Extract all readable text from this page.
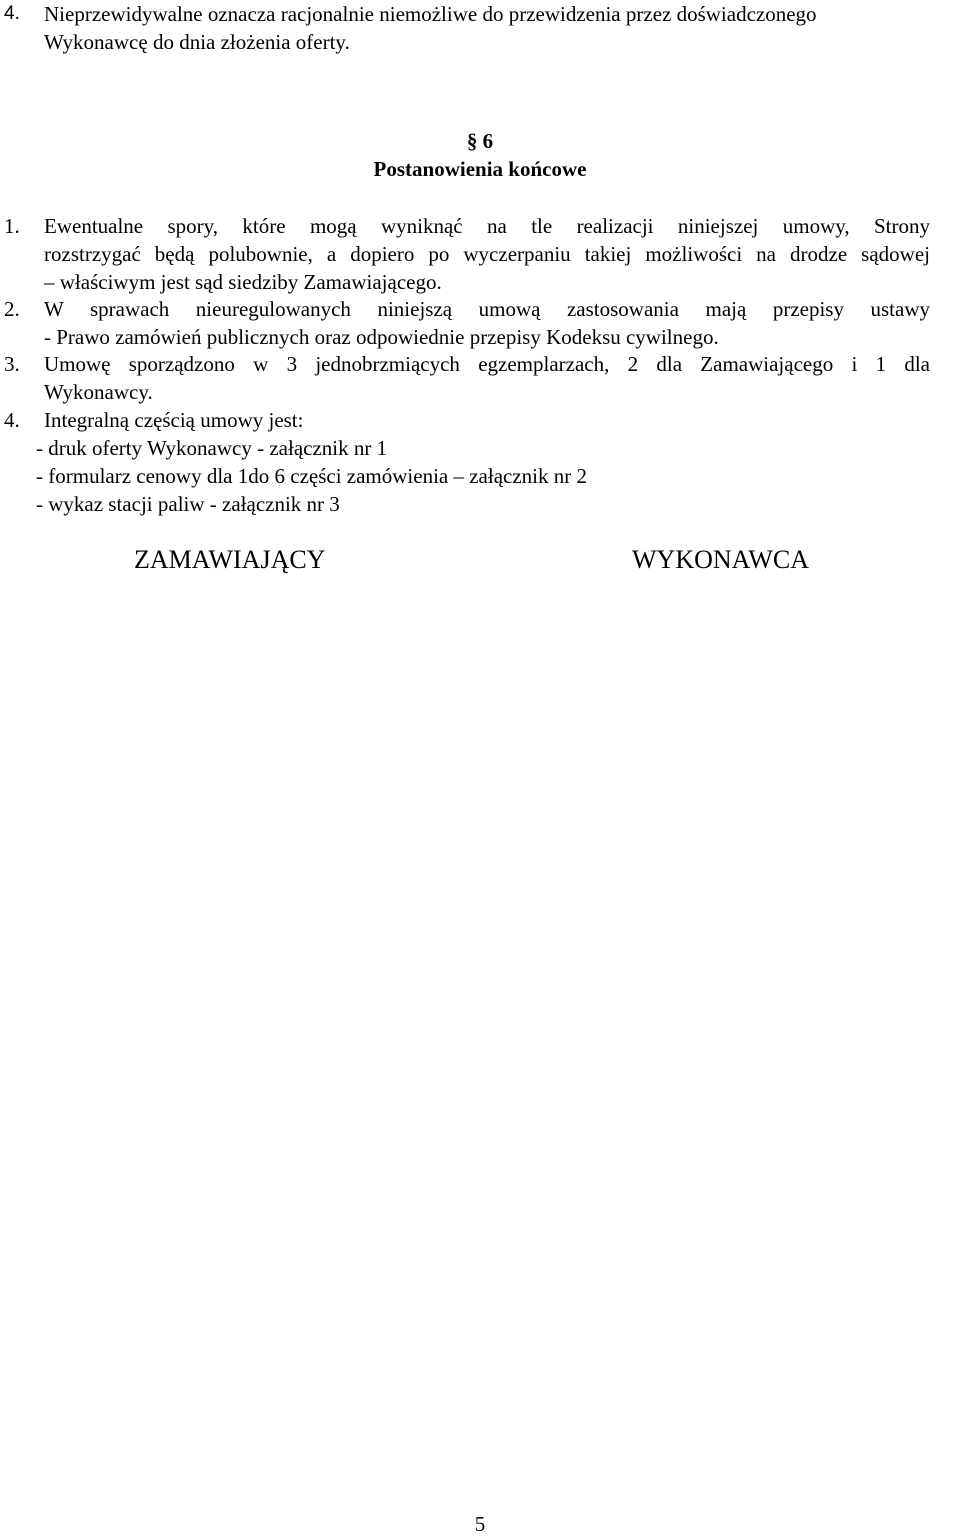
4. Nieprzewidywalne oznacza racjonalnie niemożliwe do przewidzenia przez doświadczonego
Wykonawcę do dnia złożenia oferty.
§ 6
Postanowienia końcowe
1. Ewentualne spory, które mogą wyniknąć na tle realizacji niniejszej umowy, Strony
rozstrzygać będą polubownie, a dopiero po wyczerpaniu takiej możliwości na drodze sądowej
– właściwym jest sąd siedziby Zamawiającego.
2. W sprawach nieuregulowanych niniejszą umową zastosowania mają przepisy ustawy
- Prawo zamówień publicznych oraz odpowiednie przepisy Kodeksu cywilnego.
3. Umowę sporządzono w 3 jednobrzmiących egzemplarzach, 2 dla Zamawiającego i 1 dla
Wykonawcy.
4. Integralną częścią umowy jest:
- druk oferty Wykonawcy - załącznik nr 1
- formularz cenowy dla 1do 6 części zamówienia – załącznik nr 2
- wykaz stacji paliw - załącznik nr 3
ZAMAWIAJĄCY	WYKONAWCA
5
